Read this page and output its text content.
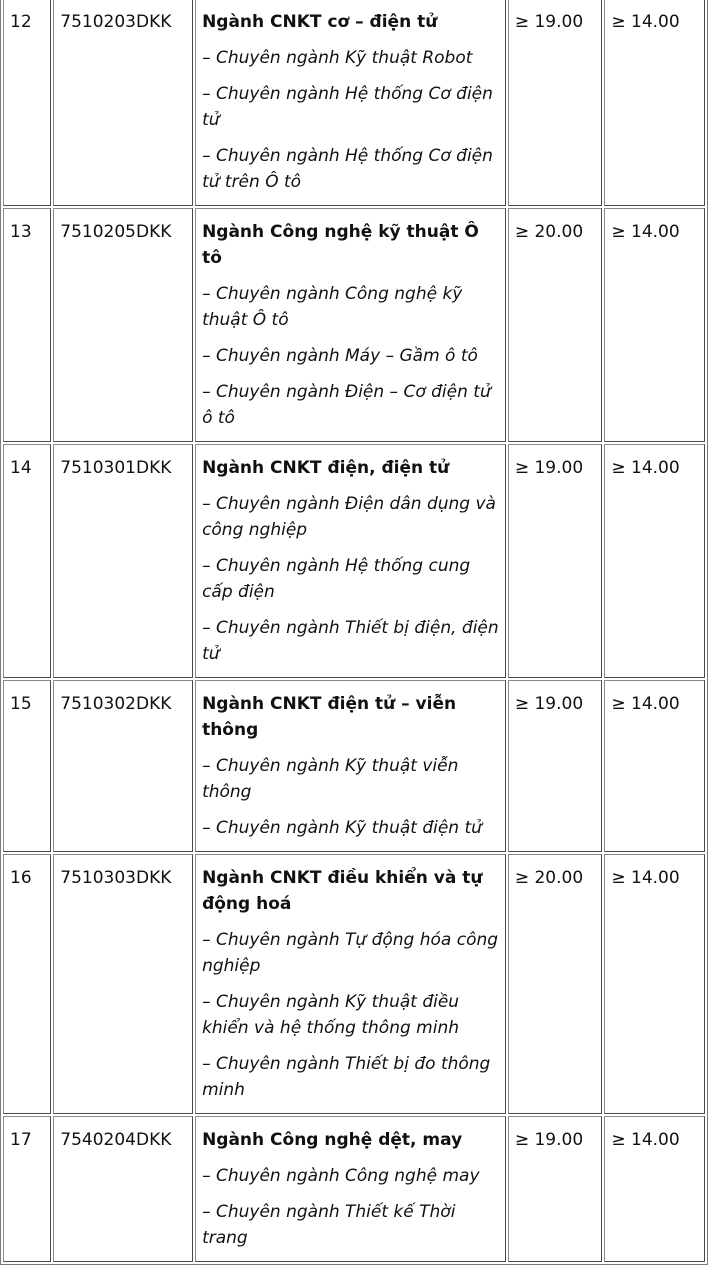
12	7510203DKK	Ngành CNKT cơ – điện tử
– Chuyên ngành Kỹ thuật Robot
– Chuyên ngành Hệ thống Cơ điện tử
– Chuyên ngành Hệ thống Cơ điện tử trên Ô tô	≥ 19.00	≥ 14.00
13	7510205DKK	Ngành Công nghệ kỹ thuật Ô tô
– Chuyên ngành Công nghệ kỹ thuật Ô tô
– Chuyên ngành Máy – Gầm ô tô
– Chuyên ngành Điện – Cơ điện tử ô tô	≥ 20.00	≥ 14.00
14	7510301DKK	Ngành CNKT điện, điện tử
– Chuyên ngành Điện dân dụng và công nghiệp
– Chuyên ngành Hệ thống cung cấp điện
– Chuyên ngành Thiết bị điện, điện tử	≥ 19.00	≥ 14.00
15	7510302DKK	Ngành CNKT điện tử – viễn thông
– Chuyên ngành Kỹ thuật viễn thông
– Chuyên ngành Kỹ thuật điện tử	≥ 19.00	≥ 14.00
16	7510303DKK	Ngành CNKT điều khiển và tự động hoá
– Chuyên ngành Tự động hóa công nghiệp
– Chuyên ngành Kỹ thuật điều khiển và hệ thống thông minh
– Chuyên ngành Thiết bị đo thông minh	≥ 20.00	≥ 14.00
17	7540204DKK	Ngành Công nghệ dệt, may
– Chuyên ngành Công nghệ may
– Chuyên ngành Thiết kế Thời trang	≥ 19.00	≥ 14.00
